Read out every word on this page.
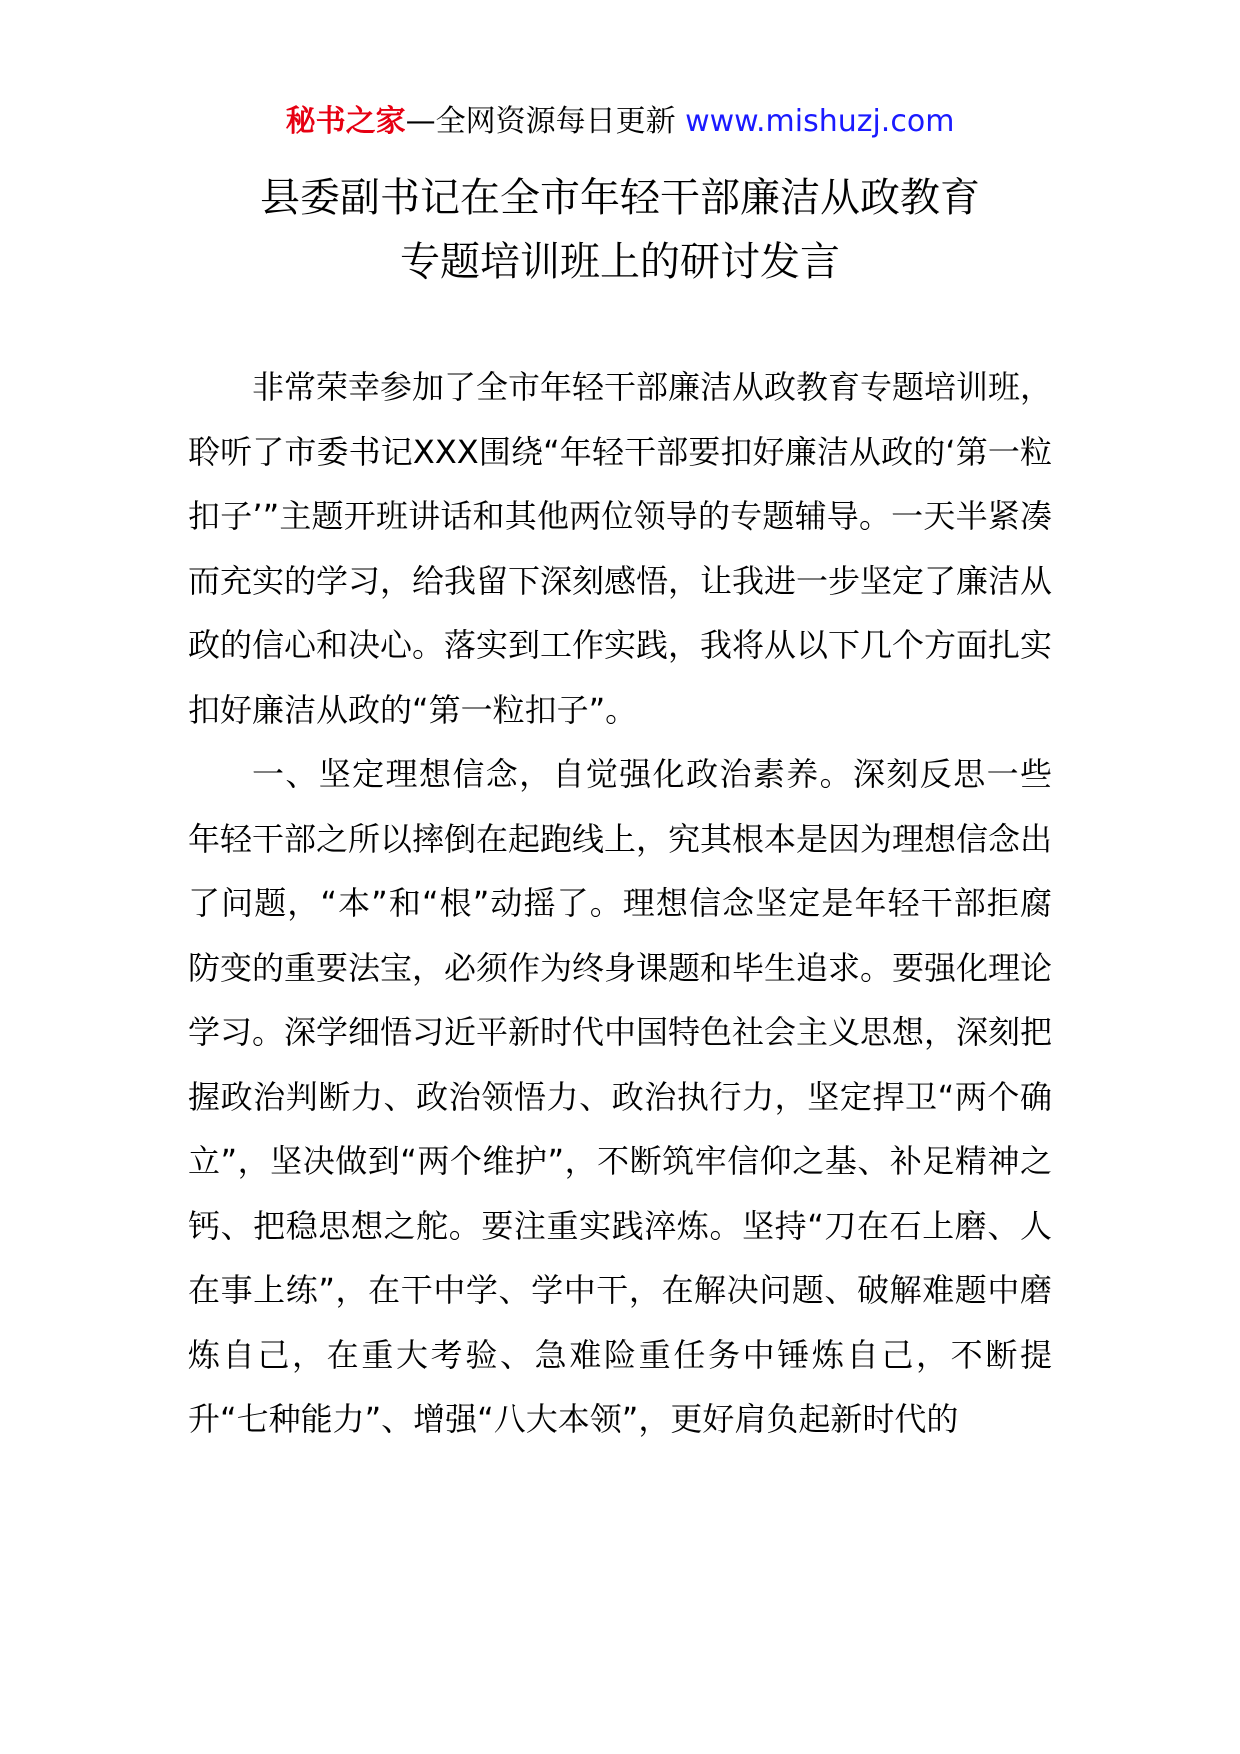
秘书之家—全网资源每日更新 www.mishuzj.com
县委副书记在全市年轻干部廉洁从政教育
专题培训班上的研讨发言

非常荣幸参加了全市年轻干部廉洁从政教育专题培训班，聆听了市委书记XXX围绕“年轻干部要扣好廉洁从政的‘第一粒扣子’”主题开班讲话和其他两位领导的专题辅导。一天半紧凑而充实的学习，给我留下深刻感悟，让我进一步坚定了廉洁从政的信心和决心。落实到工作实践，我将从以下几个方面扎实扣好廉洁从政的“第一粒扣子”。

一、坚定理想信念，自觉强化政治素养。深刻反思一些年轻干部之所以摔倒在起跑线上，究其根本是因为理想信念出了问题，“本”和“根”动摇了。理想信念坚定是年轻干部拒腐防变的重要法宝，必须作为终身课题和毕生追求。要强化理论学习。深学细悟习近平新时代中国特色社会主义思想，深刻把握政治判断力、政治领悟力、政治执行力，坚定捍卫“两个确立”，坚决做到“两个维护”，不断筑牢信仰之基、补足精神之钙、把稳思想之舵。要注重实践淬炼。坚持“刀在石上磨、人在事上练”，在干中学、学中干，在解决问题、破解难题中磨炼自己，在重大考验、急难险重任务中锤炼自己，不断提升“七种能力”、增强“八大本领”，更好肩负起新时代的
